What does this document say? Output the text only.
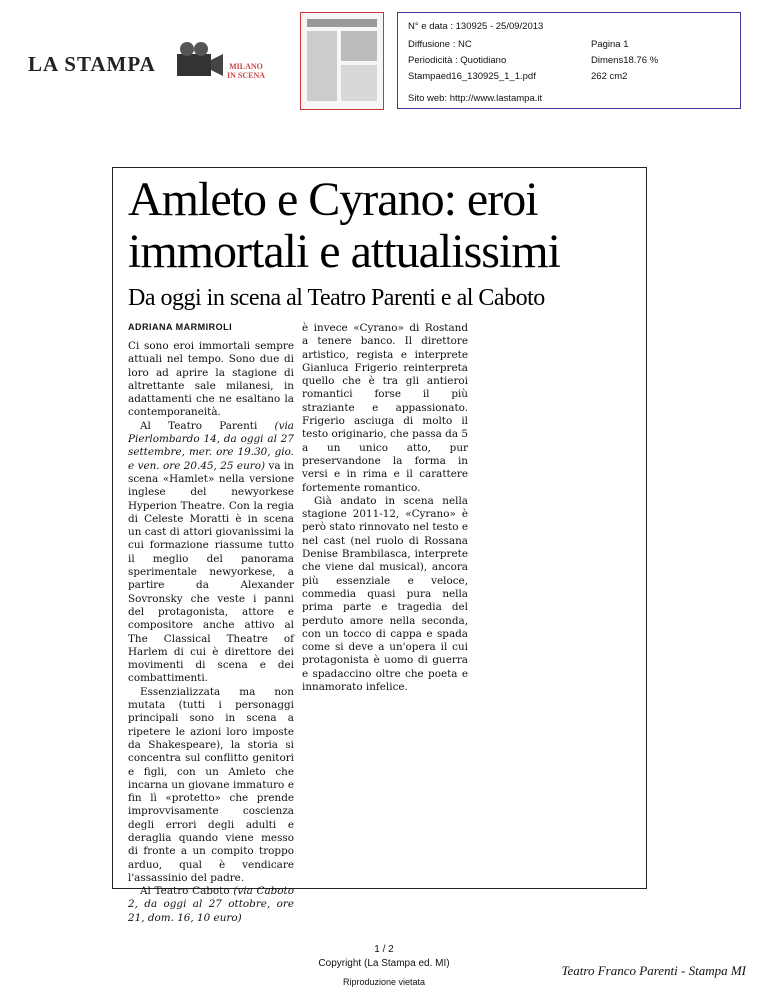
LA STAMPA	MILANO IN SCENA
N° e data : 130925 - 25/09/2013
Diffusione : NC
Periodicità : Quotidiano
Stampaed16_130925_1_1.pdf
Pagina 1
Dimens18.76 %
262 cm2
Sito web: http://www.lastampa.it
Amleto e Cyrano: eroi immortali e attualissimi
Da oggi in scena al Teatro Parenti e al Caboto
ADRIANA MARMIROLI

Ci sono eroi immortali sempre attuali nel tempo. Sono due di loro ad aprire la stagione di altrettante sale milanesi, in adattamenti che ne esaltano la contemporaneità.

Al Teatro Parenti (via Pierlombardo 14, da oggi al 27 settembre, mer. ore 19.30, gio. e ven. ore 20.45, 25 euro) va in scena «Hamlet» nella versione inglese del newyorkese Hyperion Theatre. Con la regia di Celeste Moratti è in scena un cast di attori giovanissimi la cui formazione riassume tutto il meglio del panorama sperimentale newyorkese, a partire da Alexander Sovronsky che veste i panni del protagonista, attore e compositore anche attivo al The Classical Theatre of Harlem di cui è direttore dei movimenti di scena e dei combattimenti.

Essenzializzata ma non mutata (tutti i personaggi principali sono in scena a ripetere le azioni loro imposte da Shakespeare), la storia si concentra sul conflitto genitori e figli, con un Amleto che incarna un giovane immaturo e fin lì «protetto» che prende improvvisamente coscienza degli errori degli adulti e deraglia quando viene messo di fronte a un compito troppo arduo, qual è vendicare l'assassinio del padre.

Al Teatro Caboto (via Caboto 2, da oggi al 27 ottobre, ore 21, dom. 16, 10 euro)

è invece «Cyrano» di Rostand a tenere banco. Il direttore artistico, regista e interprete Gianluca Frigerio reinterpreta quello che è tra gli antieroi romantici forse il più straziante e appassionato. Frigerio asciuga di molto il testo originario, che passa da 5 a un unico atto, pur preservandone la forma in versi e in rima e il carattere fortemente romantico.

Già andato in scena nella stagione 2011-12, «Cyrano» è però stato rinnovato nel testo e nel cast (nel ruolo di Rossana Denise Brambilasca, interprete che viene dal musical), ancora più essenziale e veloce, commedia quasi pura nella prima parte e tragedia del perduto amore nella seconda, con un tocco di cappa e spada come si deve a un'opera il cui protagonista è uomo di guerra e spadaccino oltre che poeta e innamorato infelice.

1 / 2
Copyright (La Stampa ed. MI)
Riproduzione vietata
Teatro Franco Parenti - Stampa MI
